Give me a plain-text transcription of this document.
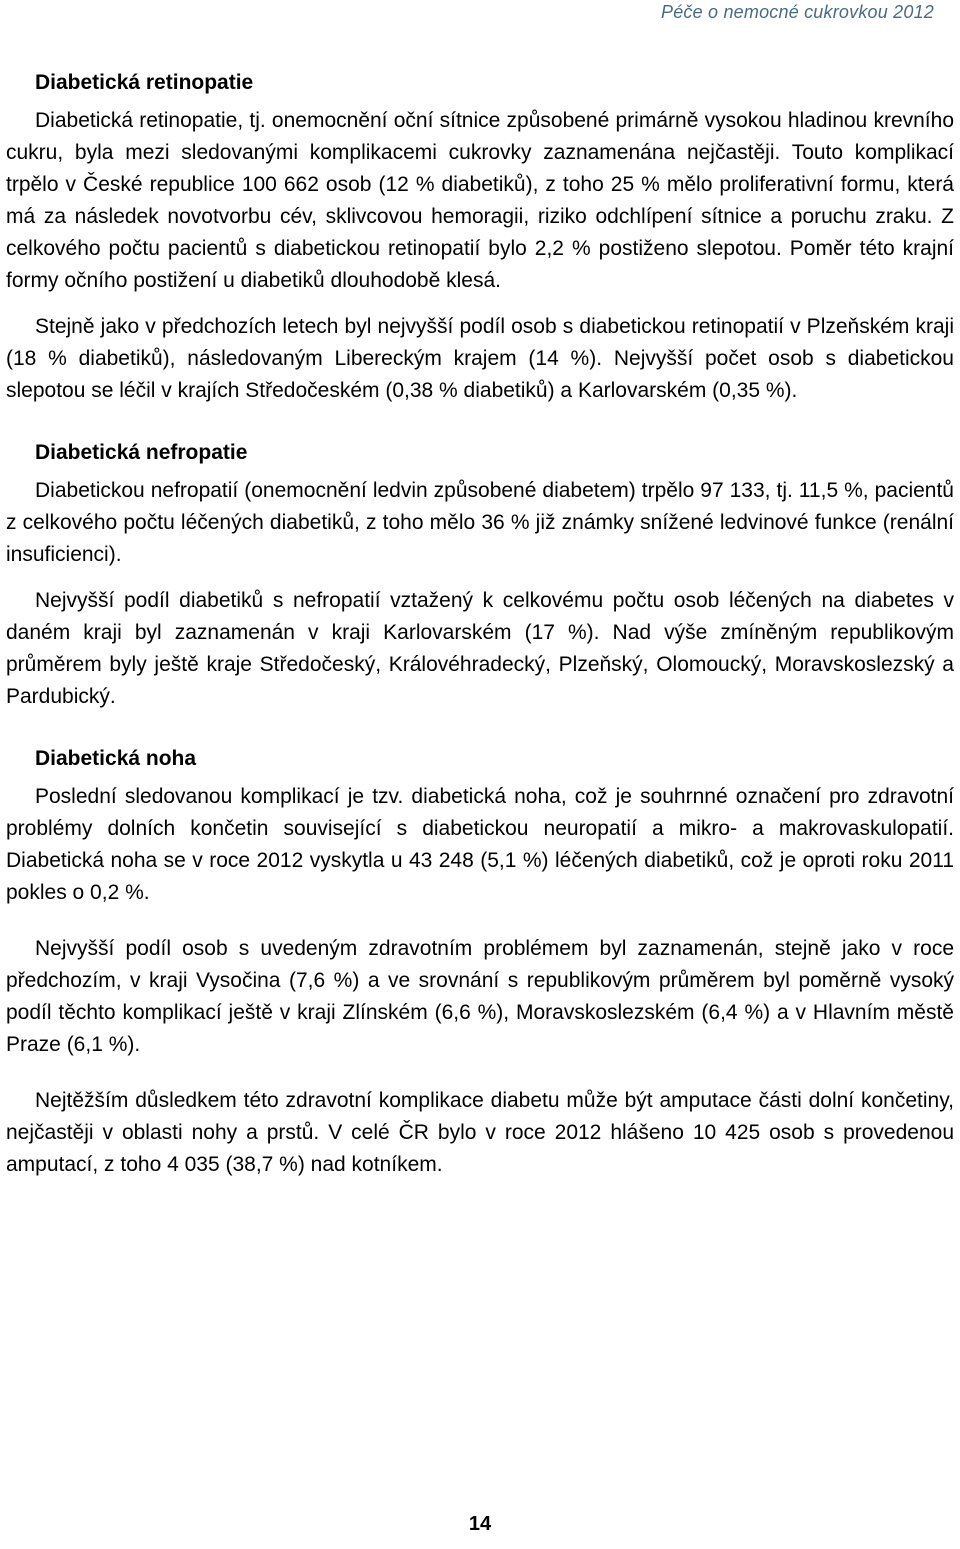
Péče o nemocné cukrovkou 2012
Diabetická retinopatie

Diabetická retinopatie, tj. onemocnění oční sítnice způsobené primárně vysokou hladinou krevního cukru, byla mezi sledovanými komplikacemi cukrovky zaznamenána nejčastěji. Touto komplikací trpělo v České republice 100 662 osob (12 % diabetiků), z toho 25 % mělo proliferativní formu, která má za následek novotvorbu cév, sklivcovou hemoragii, riziko odchlípení sítnice a poruchu zraku. Z celkového počtu pacientů s diabetickou retinopatií bylo 2,2 % postiženo slepotou. Poměr této krajní formy očního postižení u diabetiků dlouhodobě klesá.

Stejně jako v předchozích letech byl nejvyšší podíl osob s diabetickou retinopatií v Plzeňském kraji (18 % diabetiků), následovaným Libereckým krajem (14 %). Nejvyšší počet osob s diabetickou slepotou se léčil v krajích Středočeském (0,38 % diabetiků) a Karlovarském (0,35 %).

Diabetická nefropatie

Diabetickou nefropatií (onemocnění ledvin způsobené diabetem) trpělo 97 133, tj. 11,5 %, pacientů z celkového počtu léčených diabetiků, z toho mělo 36 % již známky snížené ledvinové funkce (renální insuficienci).

Nejvyšší podíl diabetiků s nefropatií vztažený k celkovému počtu osob léčených na diabetes v daném kraji byl zaznamenán v kraji Karlovarském (17 %). Nad výše zmíněným republikovým průměrem byly ještě kraje Středočeský, Královéhradecký, Plzeňský, Olomoucký, Moravskoslezský a Pardubický.

Diabetická noha

Poslední sledovanou komplikací je tzv. diabetická noha, což je souhrnné označení pro zdravotní problémy dolních končetin související s diabetickou neuropatií a mikro- a makrovaskulopatií. Diabetická noha se v roce 2012 vyskytla u 43 248 (5,1 %) léčených diabetiků, což je oproti roku 2011 pokles o 0,2 %.

Nejvyšší podíl osob s uvedeným zdravotním problémem byl zaznamenán, stejně jako v roce předchozím, v kraji Vysočina (7,6 %) a ve srovnání s republikovým průměrem byl poměrně vysoký podíl těchto komplikací ještě v kraji Zlínském (6,6 %), Moravskoslezském (6,4 %) a v Hlavním městě Praze (6,1 %).

Nejtěžším důsledkem této zdravotní komplikace diabetu může být amputace části dolní končetiny, nejčastěji v oblasti nohy a prstů. V celé ČR bylo v roce 2012 hlášeno 10 425 osob s provedenou amputací, z toho 4 035 (38,7 %) nad kotníkem.

14
